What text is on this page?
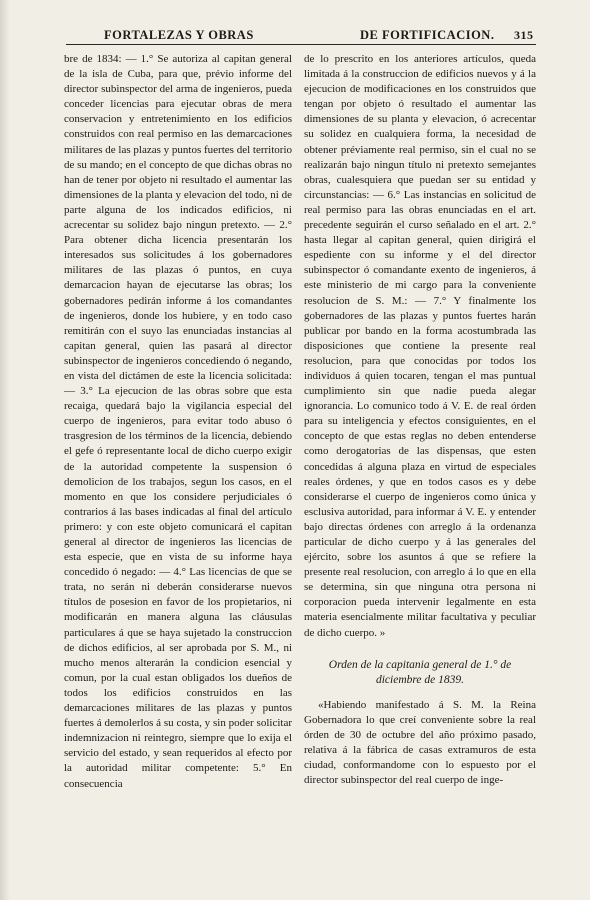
FORTALEZAS Y OBRAS	DE FORTIFICACION. 315

bre de 1834: — 1.° Se autoriza al capitan general de la isla de Cuba, para que, prévio informe del director subinspector del arma de ingenieros, pueda conceder licencias para ejecutar obras de mera conservacion y entretenimiento en los edificios construidos con real permiso en las demarcaciones militares de las plazas y puntos fuertes del territorio de su mando; en el concepto de que dichas obras no han de tener por objeto ni resultado el aumentar las dimensiones de la planta y elevacion del todo, ni de parte alguna de los indicados edificios, ni acrecentar su solidez bajo ningun pretexto. — 2.° Para obtener dicha licencia presentarán los interesados sus solicitudes á los gobernadores militares de las plazas ó puntos, en cuya demarcacion hayan de ejecutarse las obras; los gobernadores pedirán informe á los comandantes de ingenieros, donde los hubiere, y en todo caso remitirán con el suyo las enunciadas instancias al capitan general, quien las pasará al director subinspector de ingenieros concediendo ó negando, en vista del dictámen de este la licencia solicitada: — 3.° La ejecucion de las obras sobre que esta recaiga, quedará bajo la vigilancia especial del cuerpo de ingenieros, para evitar todo abuso ó trasgresion de los términos de la licencia, debiendo el gefe ó representante local de dicho cuerpo exigir de la autoridad competente la suspension ó demolicion de los trabajos, segun los casos, en el momento en que los considere perjudiciales ó contrarios á las bases indicadas al final del artículo primero: y con este objeto comunicará el capitan general al director de ingenieros las licencias de esta especie, que en vista de su informe haya concedido ó negado: — 4.° Las licencias de que se trata, no serán ni deberán considerarse nuevos títulos de posesion en favor de los propietarios, ni modificarán en manera alguna las cláusulas particulares á que se haya sujetado la construccion de dichos edificios, al ser aprobada por S. M., ni mucho menos alterarán la condicion esencial y comun, por la cual estan obligados los dueños de todos los edificios construidos en las demarcaciones militares de las plazas y puntos fuertes á demolerlos á su costa, y sin poder solicitar indemnizacion ni reintegro, siempre que lo exija el servicio del estado, y sean requeridos al efecto por la autoridad militar competente: 5.° En consecuencia

de lo prescrito en los anteriores artículos, queda limitada á la construccion de edificios nuevos y á la ejecucion de modificaciones en los construidos que tengan por objeto ó resultado el aumentar las dimensiones de su planta y elevacion, ó acrecentar su solidez en cualquiera forma, la necesidad de obtener préviamente real permiso, sin el cual no se realizarán bajo ningun título ni pretexto semejantes obras, cualesquiera que puedan ser su entidad y circunstancias: — 6.° Las instancias en solicitud de real permiso para las obras enunciadas en el art. precedente seguirán el curso señalado en el art. 2.° hasta llegar al capitan general, quien dirigirá el espediente con su informe y el del director subinspector ó comandante exento de ingenieros, á este ministerio de mi cargo para la conveniente resolucion de S. M.: — 7.° Y finalmente los gobernadores de las plazas y puntos fuertes harán publicar por bando en la forma acostumbrada las disposiciones que contiene la presente real resolucion, para que conocidas por todos los individuos á quien tocaren, tengan el mas puntual cumplimiento sin que nadie pueda alegar ignorancia. Lo comunico todo á V. E. de real órden para su inteligencia y efectos consiguientes, en el concepto de que estas reglas no deben entenderse como derogatorias de las dispensas, que esten concedidas á alguna plaza en virtud de especiales reales órdenes, y que en todos casos es y debe considerarse el cuerpo de ingenieros como única y esclusiva autoridad, para informar á V. E. y entender bajo directas órdenes con arreglo á la ordenanza particular de dicho cuerpo y á las generales del ejército, sobre los asuntos á que se refiere la presente real resolucion, con arreglo á lo que en ella se determina, sin que ninguna otra persona ni corporacion pueda intervenir legalmente en esta materia esencialmente militar facultativa y peculiar de dicho cuerpo. »

Orden de la capitania general de 1.° de
diciembre de 1839.

«Habiendo manifestado á S. M. la Reina Gobernadora lo que creí conveniente sobre la real órden de 30 de octubre del año próximo pasado, relativa á la fábrica de casas extramuros de esta ciudad, conformandome con lo espuesto por el director subinspector del real cuerpo de inge-
